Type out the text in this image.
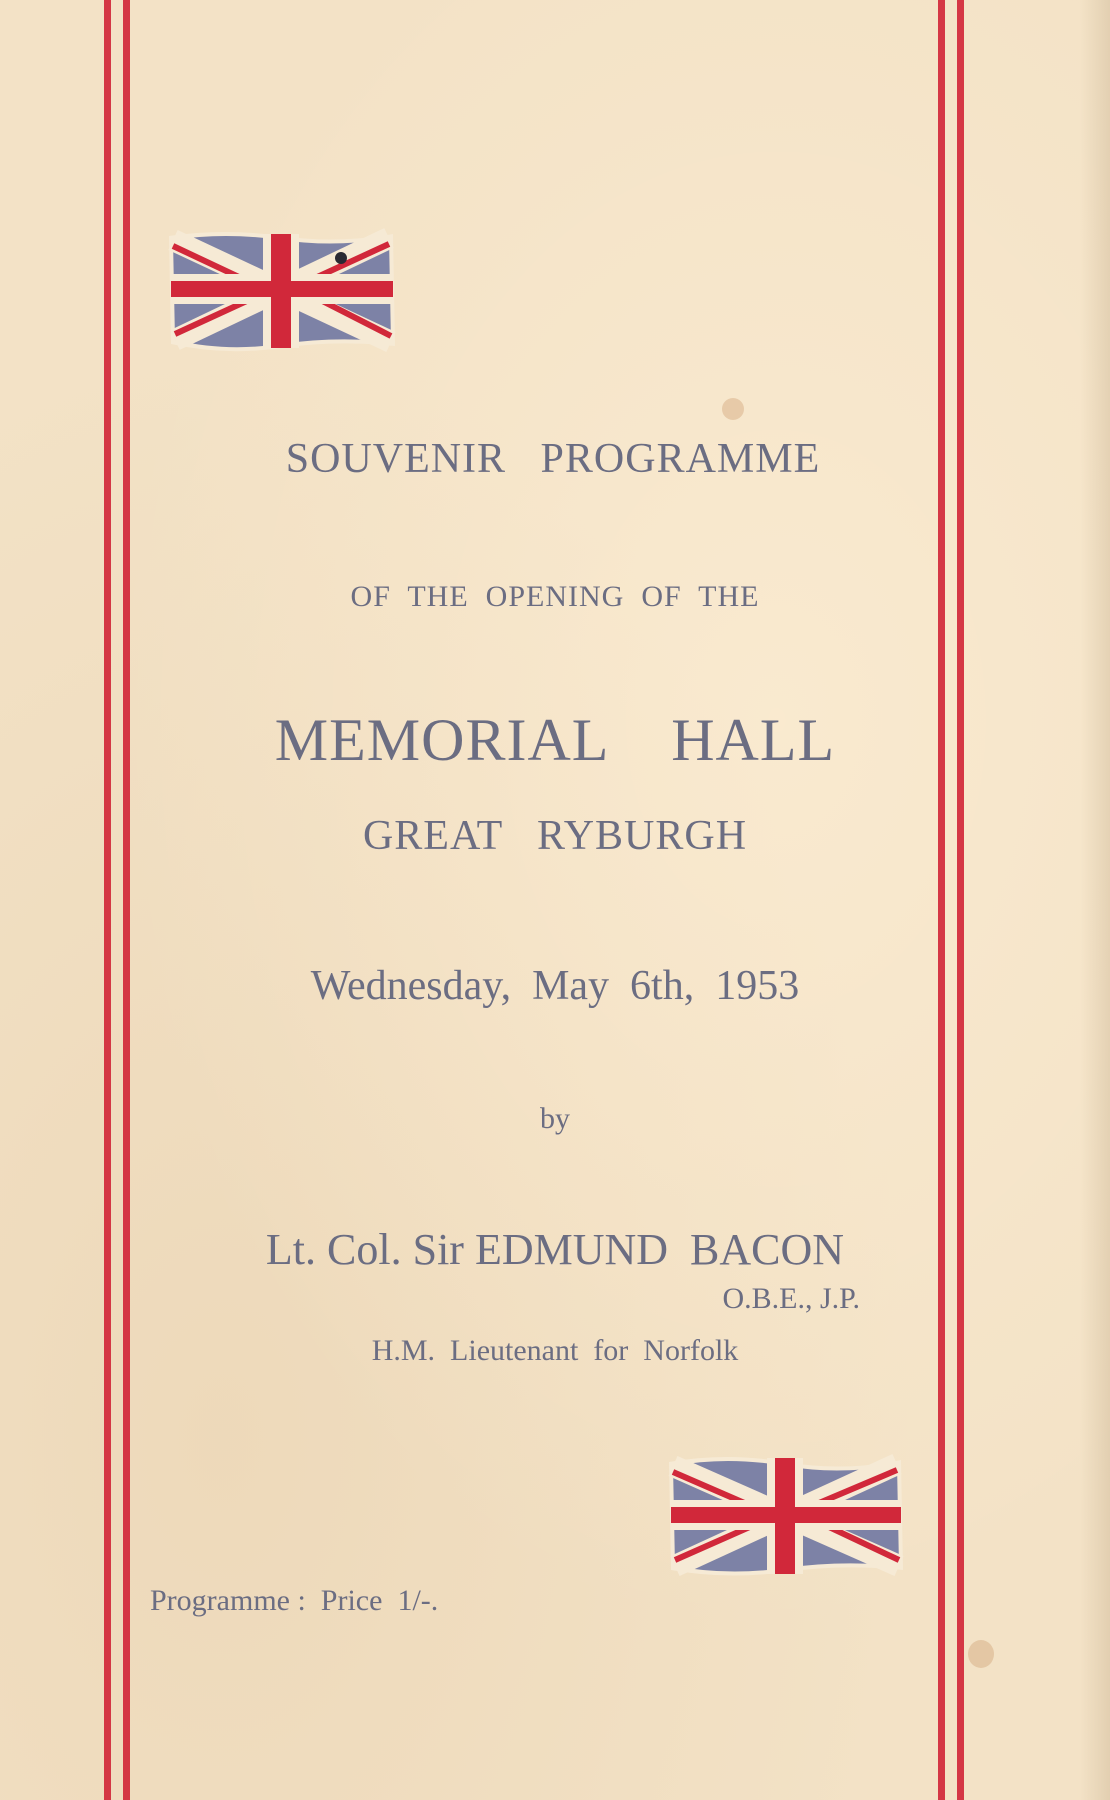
SOUVENIR   PROGRAMME
OF  THE  OPENING  OF  THE
MEMORIAL    HALL
GREAT   RYBURGH
Wednesday,  May  6th,  1953
by
Lt. Col. Sir EDMUND  BACON
O.B.E., J.P.
H.M.  Lieutenant  for  Norfolk
Programme :  Price  1/-.
